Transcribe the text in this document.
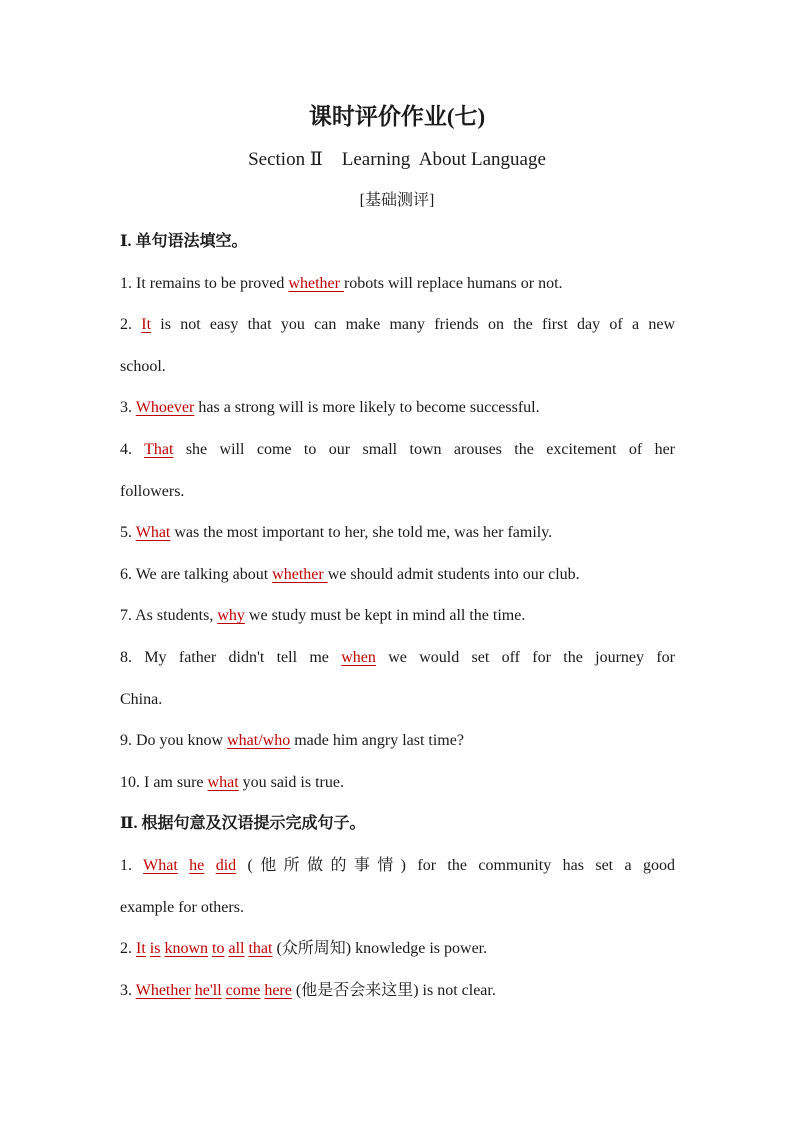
课时评价作业(七)
Section Ⅱ    Learning  About Language
[基础测评]
Ⅰ. 单句语法填空。
1. It remains to be proved whether robots will replace humans or not.
2. It is not easy that you can make many friends on the first day of a new
school.
3. Whoever has a strong will is more likely to become successful.
4. That she will come to our small town arouses the excitement of her
followers.
5. What was the most important to her, she told me, was her family.
6. We are talking about whether we should admit students into our club.
7. As students, why we study must be kept in mind all the time.
8. My father didn't tell me when we would set off for the journey for
China.
9. Do you know what/who made him angry last time?
10. I am sure what you said is true.
Ⅱ. 根据句意及汉语提示完成句子。
1. What he did (他所做的事情) for the community has set a good
example for others.
2. It is known to all that (众所周知) knowledge is power.
3. Whether he'll come here (他是否会来这里) is not clear.
